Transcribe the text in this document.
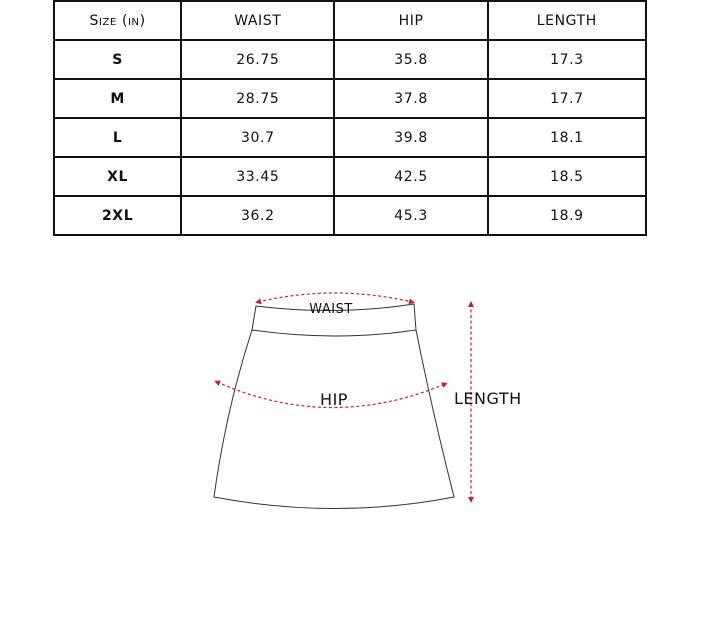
Size (in)	WAIST	HIP	LENGTH
S	26.75	35.8	17.3
M	28.75	37.8	17.7
L	30.7	39.8	18.1
XL	33.45	42.5	18.5
2XL	36.2	45.3	18.9
WAIST
HIP	LENGTH
